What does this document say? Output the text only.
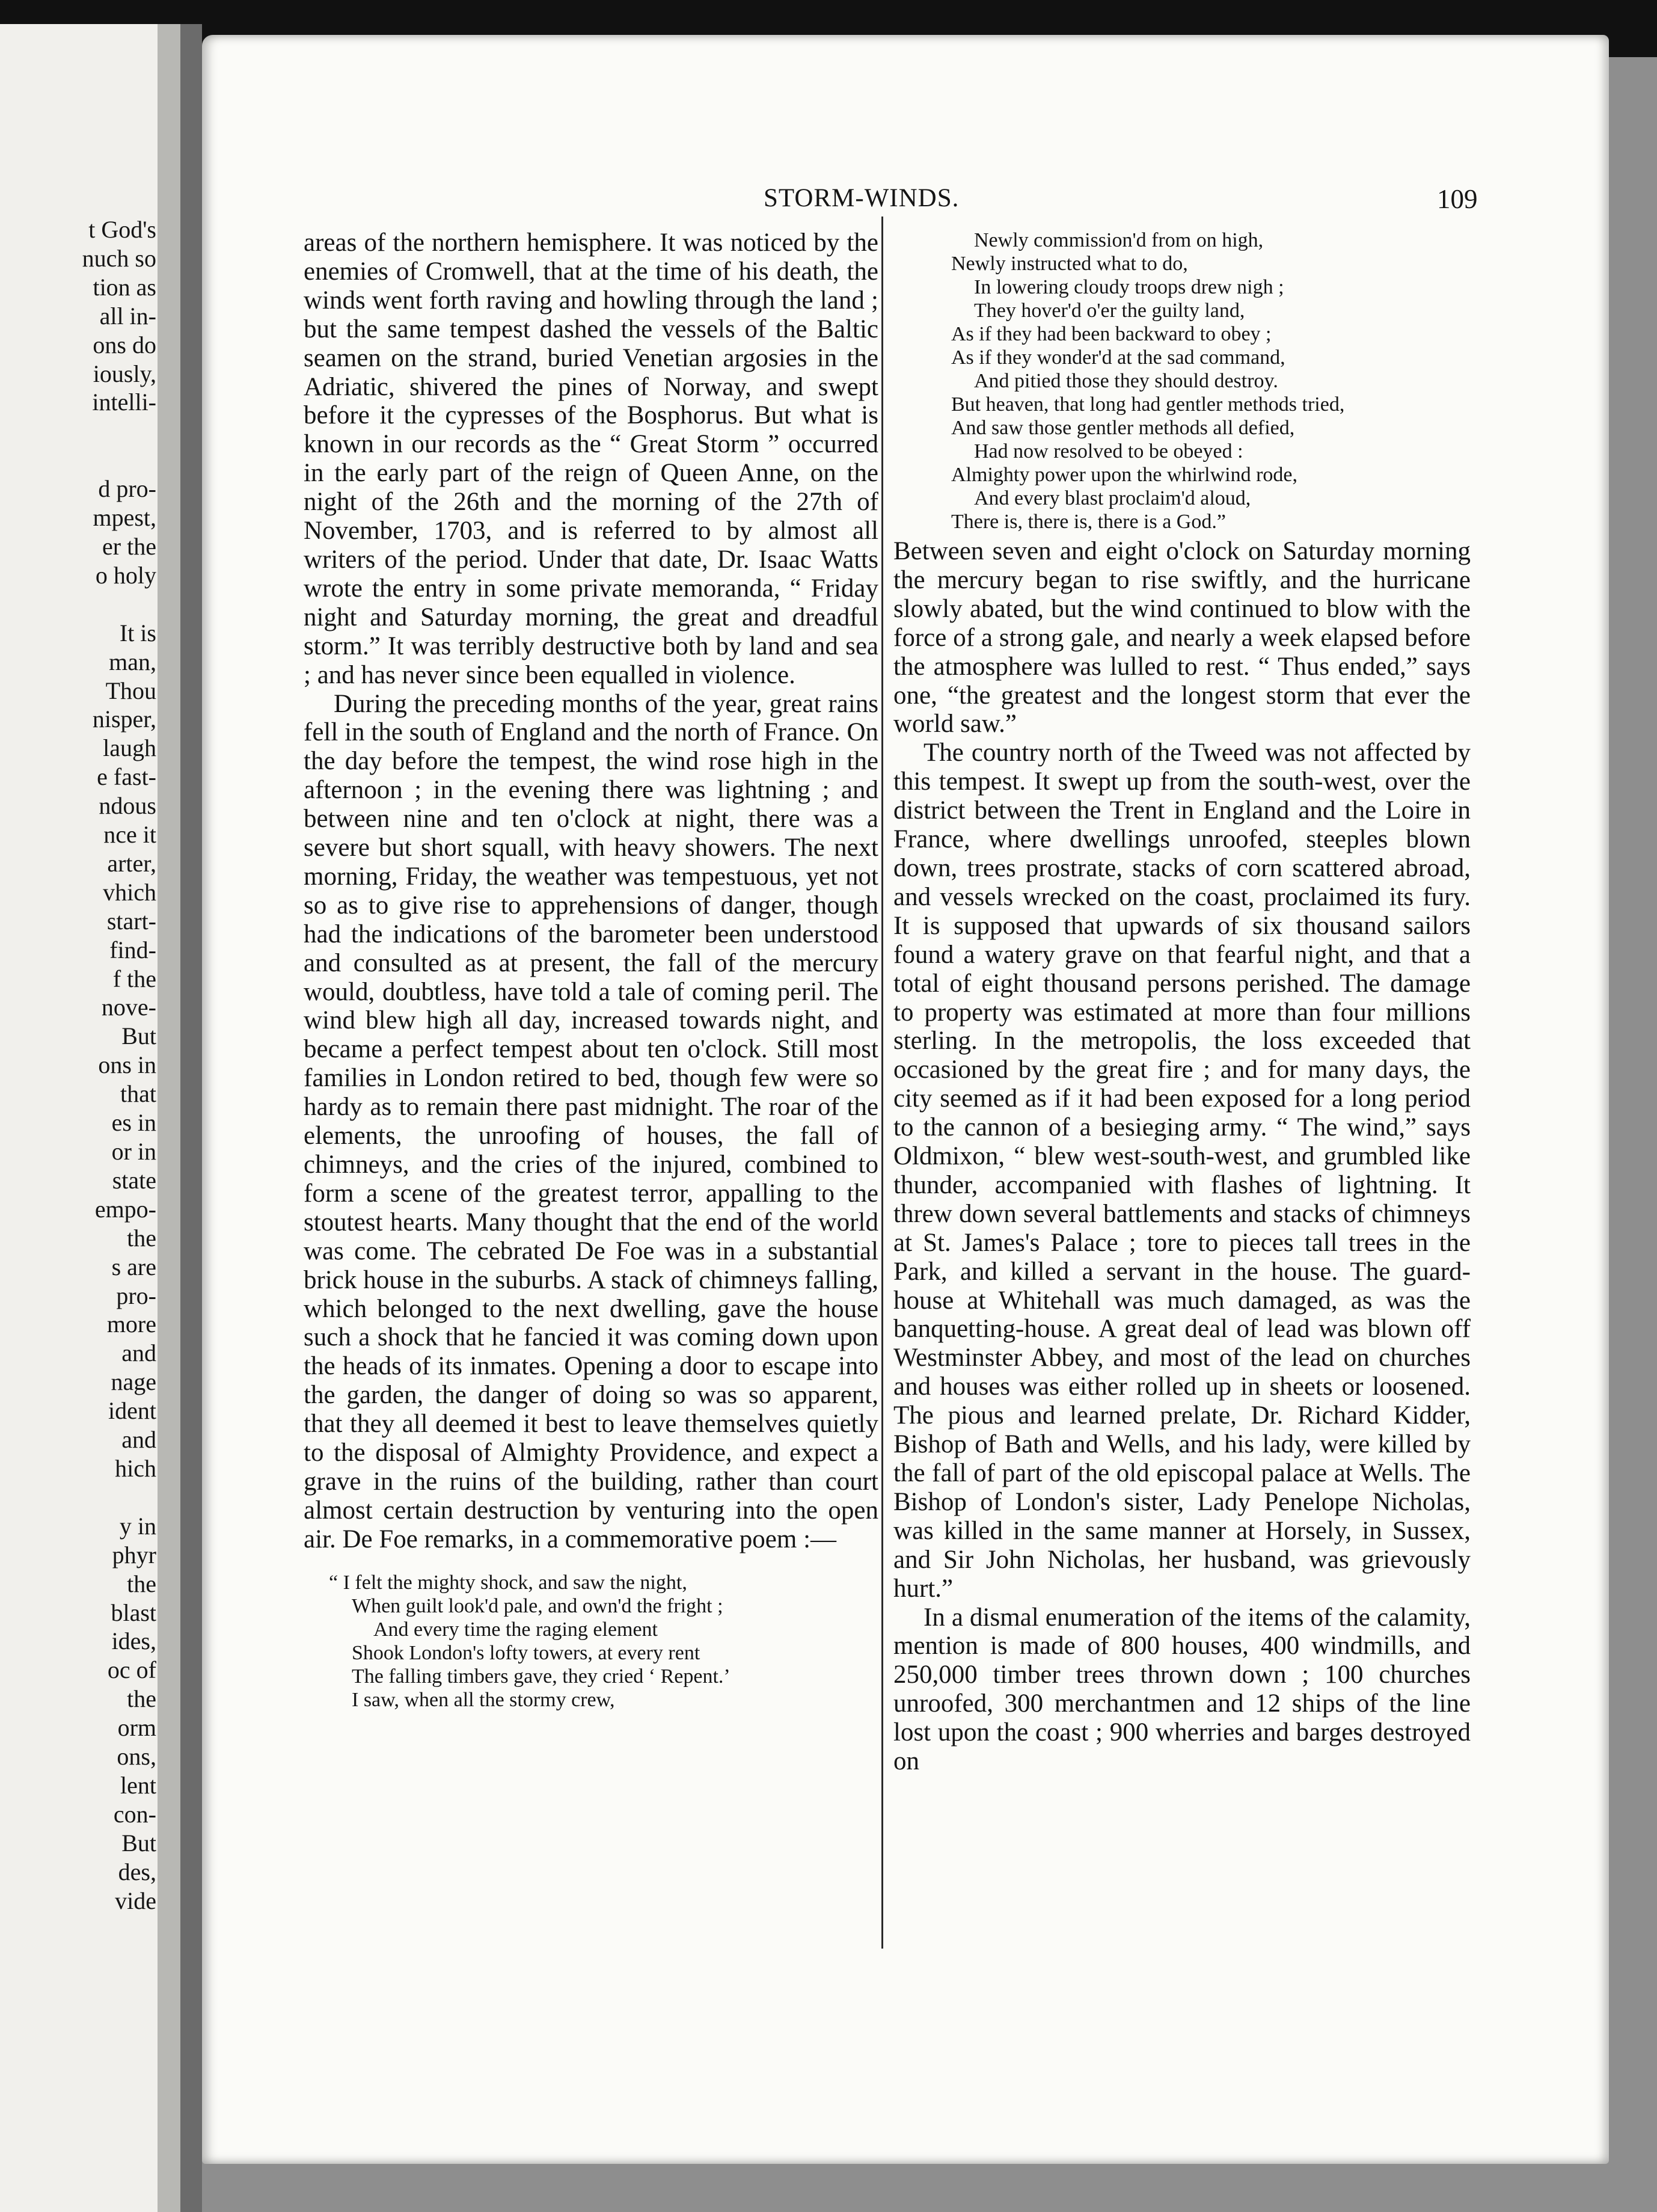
t God's
nuch so
tion as
all in-
ons do
iously,
intelli-

d pro-
mpest,
er the
o holy

It is
man,
Thou
nisper,
laugh
e fast-
ndous
nce it
arter,
vhich
start-
find-
f the
nove-
But
ons in
that
es in
or in
state
empo-
the
s are
pro-
more
and
nage
ident
and
hich

y in
phyr
the
blast
ides,
oc of
the
orm
ons,
lent
con-
But
des,
vide
STORM-WINDS.	109

areas of the northern hemisphere. It was noticed by the enemies of Cromwell, that at the time of his death, the winds went forth raving and howling through the land ; but the same tempest dashed the vessels of the Baltic seamen on the strand, buried Venetian argosies in the Adriatic, shivered the pines of Norway, and swept before it the cypresses of the Bosphorus. But what is known in our records as the “ Great Storm ” occurred in the early part of the reign of Queen Anne, on the night of the 26th and the morning of the 27th of November, 1703, and is referred to by almost all writers of the period. Under that date, Dr. Isaac Watts wrote the entry in some private memoranda, “ Friday night and Saturday morning, the great and dreadful storm.” It was terribly destructive both by land and sea ; and has never since been equalled in violence.

During the preceding months of the year, great rains fell in the south of England and the north of France. On the day before the tempest, the wind rose high in the afternoon ; in the evening there was lightning ; and between nine and ten o'clock at night, there was a severe but short squall, with heavy showers. The next morning, Friday, the weather was tempestuous, yet not so as to give rise to apprehensions of danger, though had the indications of the barometer been understood and consulted as at present, the fall of the mercury would, doubtless, have told a tale of coming peril. The wind blew high all day, increased towards night, and became a perfect tempest about ten o'clock. Still most families in London retired to bed, though few were so hardy as to remain there past midnight. The roar of the elements, the unroofing of houses, the fall of chimneys, and the cries of the injured, combined to form a scene of the greatest terror, appalling to the stoutest hearts. Many thought that the end of the world was come. The cebrated De Foe was in a substantial brick house in the suburbs. A stack of chimneys falling, which belonged to the next dwelling, gave the house such a shock that he fancied it was coming down upon the heads of its inmates. Opening a door to escape into the garden, the danger of doing so was so apparent, that they all deemed it best to leave themselves quietly to the disposal of Almighty Providence, and expect a grave in the ruins of the building, rather than court almost certain destruction by venturing into the open air. De Foe remarks, in a commemorative poem :—

“ I felt the mighty shock, and saw the night,
When guilt look'd pale, and own'd the fright ;
And every time the raging element
Shook London's lofty towers, at every rent
The falling timbers gave, they cried ‘ Repent.’
I saw, when all the stormy crew,
Newly commission'd from on high,
Newly instructed what to do,
In lowering cloudy troops drew nigh ;
They hover'd o'er the guilty land,
As if they had been backward to obey ;
As if they wonder'd at the sad command,
And pitied those they should destroy.
But heaven, that long had gentler methods tried,
And saw those gentler methods all defied,
Had now resolved to be obeyed :
Almighty power upon the whirlwind rode,
And every blast proclaim'd aloud,
There is, there is, there is a God.”

Between seven and eight o'clock on Saturday morning the mercury began to rise swiftly, and the hurricane slowly abated, but the wind continued to blow with the force of a strong gale, and nearly a week elapsed before the atmosphere was lulled to rest. “ Thus ended,” says one, “the greatest and the longest storm that ever the world saw.”

The country north of the Tweed was not affected by this tempest. It swept up from the south-west, over the district between the Trent in England and the Loire in France, where dwellings unroofed, steeples blown down, trees prostrate, stacks of corn scattered abroad, and vessels wrecked on the coast, proclaimed its fury. It is supposed that upwards of six thousand sailors found a watery grave on that fearful night, and that a total of eight thousand persons perished. The damage to property was estimated at more than four millions sterling. In the metropolis, the loss exceeded that occasioned by the great fire ; and for many days, the city seemed as if it had been exposed for a long period to the cannon of a besieging army. “ The wind,” says Oldmixon, “ blew west-south-west, and grumbled like thunder, accompanied with flashes of lightning. It threw down several battlements and stacks of chimneys at St. James's Palace ; tore to pieces tall trees in the Park, and killed a servant in the house. The guard-house at Whitehall was much damaged, as was the banquetting-house. A great deal of lead was blown off Westminster Abbey, and most of the lead on churches and houses was either rolled up in sheets or loosened. The pious and learned prelate, Dr. Richard Kidder, Bishop of Bath and Wells, and his lady, were killed by the fall of part of the old episcopal palace at Wells. The Bishop of London's sister, Lady Penelope Nicholas, was killed in the same manner at Horsely, in Sussex, and Sir John Nicholas, her husband, was grievously hurt.”

In a dismal enumeration of the items of the calamity, mention is made of 800 houses, 400 windmills, and 250,000 timber trees thrown down ; 100 churches unroofed, 300 merchantmen and 12 ships of the line lost upon the coast ; 900 wherries and barges destroyed on
